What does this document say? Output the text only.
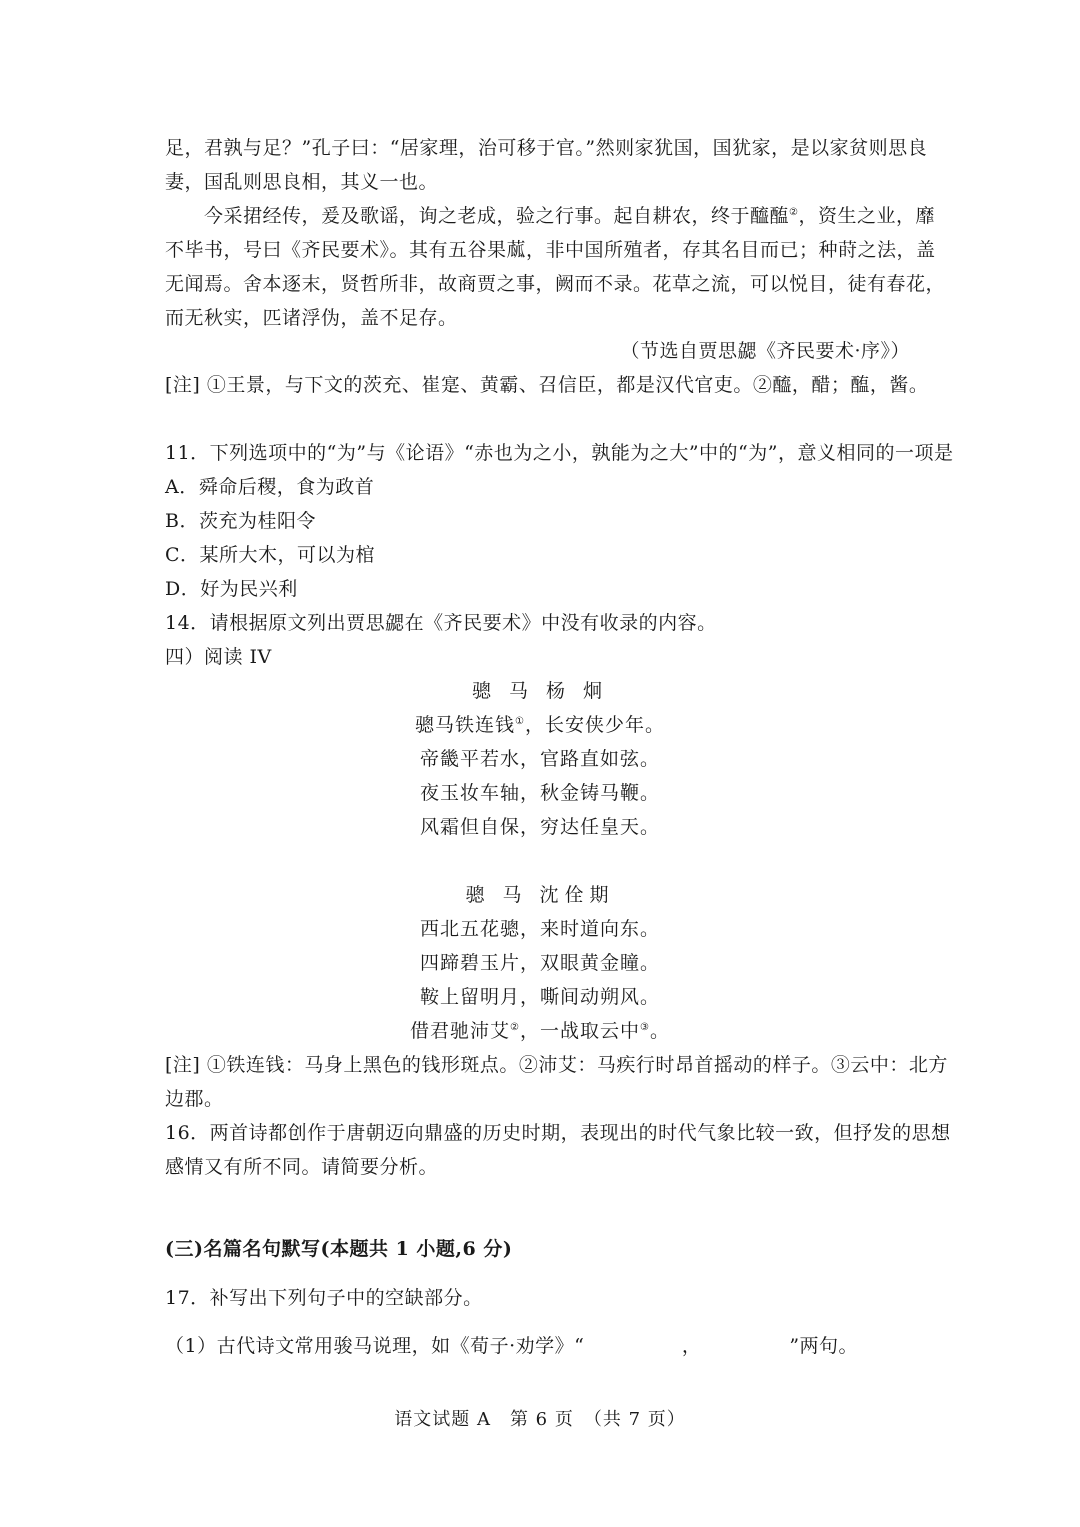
足，君孰与足？”孔子曰：“居家理，治可移于官。”然则家犹国，国犹家，是以家贫则思良
妻，国乱则思良相，其义一也。
今采捃经传，爰及歌谣，询之老成，验之行事。起自耕农，终于醯醢②，资生之业，靡
不毕书，号曰《齐民要术》。其有五谷果蓏，非中国所殖者，存其名目而已；种莳之法，盖
无闻焉。舍本逐末，贤哲所非，故商贾之事，阙而不录。花草之流，可以悦目，徒有春花，
而无秋实，匹诸浮伪，盖不足存。
（节选自贾思勰《齐民要术·序》）
[注] ①王景，与下文的茨充、崔寔、黄霸、召信臣，都是汉代官吏。②醯，醋；醢，酱。
11．下列选项中的“为”与《论语》“赤也为之小，孰能为之大”中的“为”，意义相同的一项是
A．舜命后稷，食为政首
B．茨充为桂阳令
C．某所大木，可以为棺
D．好为民兴利
14．请根据原文列出贾思勰在《齐民要术》中没有收录的内容。
四）阅读 IV
骢 马 杨 炯
骢马铁连钱①，长安侠少年。
帝畿平若水，官路直如弦。
夜玉妆车轴，秋金铸马鞭。
风霜但自保，穷达任皇天。
骢 马 沈佺期
西北五花骢，来时道向东。
四蹄碧玉片，双眼黄金瞳。
鞍上留明月，嘶间动朔风。
借君驰沛艾②，一战取云中③。
[注] ①铁连钱：马身上黑色的钱形斑点。②沛艾：马疾行时昂首摇动的样子。③云中：北方
边郡。
16．两首诗都创作于唐朝迈向鼎盛的历史时期，表现出的时代气象比较一致，但抒发的思想
感情又有所不同。请简要分析。
(三)名篇名句默写(本题共 1 小题,6 分)
17．补写出下列句子中的空缺部分。
（1）古代诗文常用骏马说理，如《荀子·劝学》“　　　　　，　　　　　”两句。
语文试题 A　第 6 页　（共 7 页）
